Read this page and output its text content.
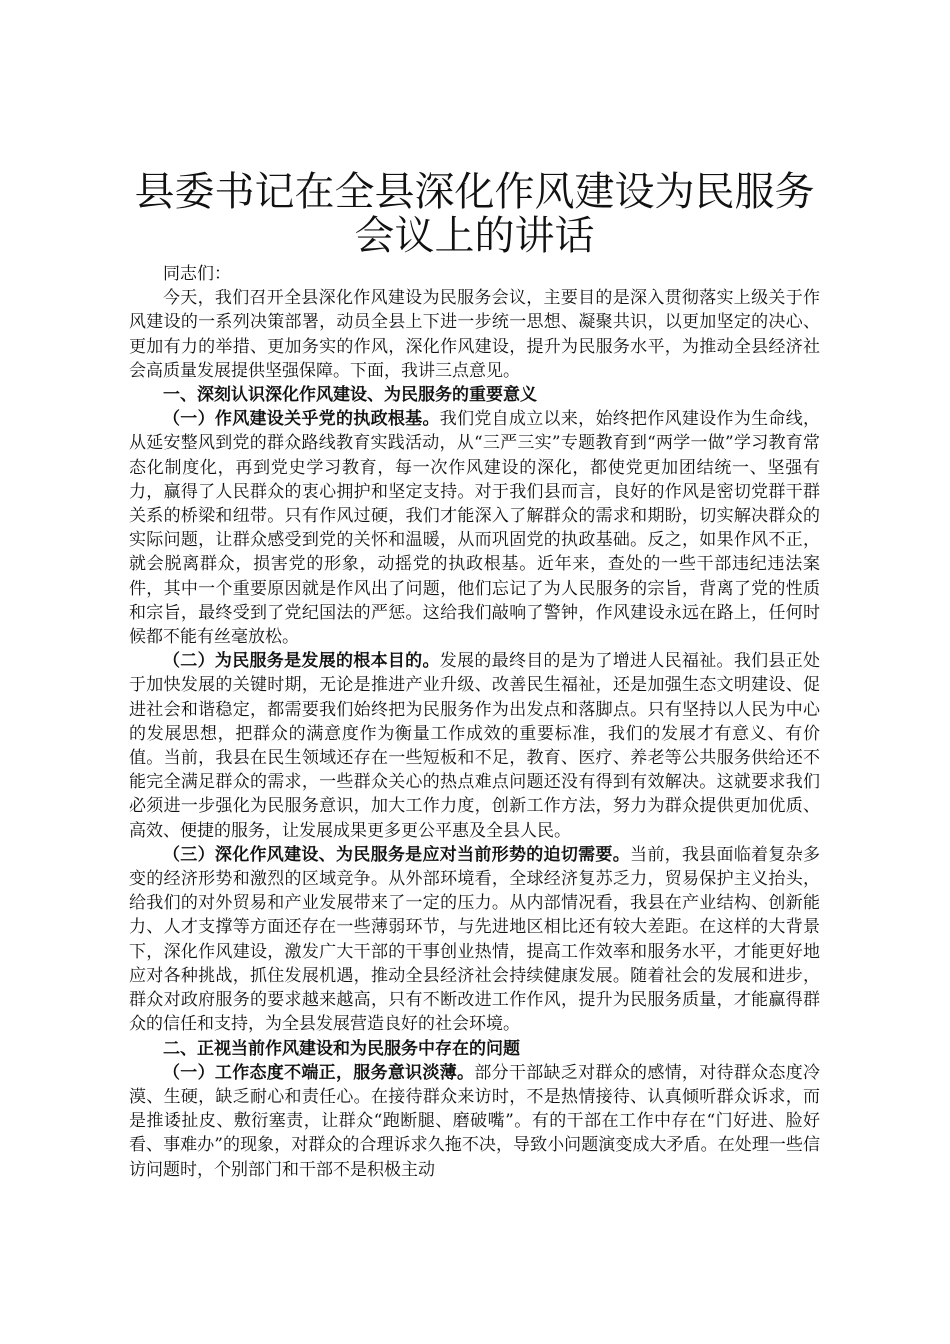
县委书记在全县深化作风建设为民服务会议上的讲话

同志们：

今天，我们召开全县深化作风建设为民服务会议，主要目的是深入贯彻落实上级关于作风建设的一系列决策部署，动员全县上下进一步统一思想、凝聚共识，以更加坚定的决心、更加有力的举措、更加务实的作风，深化作风建设，提升为民服务水平，为推动全县经济社会高质量发展提供坚强保障。下面，我讲三点意见。

一、深刻认识深化作风建设、为民服务的重要意义

（一）作风建设关乎党的执政根基。我们党自成立以来，始终把作风建设作为生命线，从延安整风到党的群众路线教育实践活动，从“三严三实”专题教育到“两学一做”学习教育常态化制度化，再到党史学习教育，每一次作风建设的深化，都使党更加团结统一、坚强有力，赢得了人民群众的衷心拥护和坚定支持。对于我们县而言，良好的作风是密切党群干群关系的桥梁和纽带。只有作风过硬，我们才能深入了解群众的需求和期盼，切实解决群众的实际问题，让群众感受到党的关怀和温暖，从而巩固党的执政基础。反之，如果作风不正，就会脱离群众，损害党的形象，动摇党的执政根基。近年来，查处的一些干部违纪违法案件，其中一个重要原因就是作风出了问题，他们忘记了为人民服务的宗旨，背离了党的性质和宗旨，最终受到了党纪国法的严惩。这给我们敲响了警钟，作风建设永远在路上，任何时候都不能有丝毫放松。

（二）为民服务是发展的根本目的。发展的最终目的是为了增进人民福祉。我们县正处于加快发展的关键时期，无论是推进产业升级、改善民生福祉，还是加强生态文明建设、促进社会和谐稳定，都需要我们始终把为民服务作为出发点和落脚点。只有坚持以人民为中心的发展思想，把群众的满意度作为衡量工作成效的重要标准，我们的发展才有意义、有价值。当前，我县在民生领域还存在一些短板和不足，教育、医疗、养老等公共服务供给还不能完全满足群众的需求，一些群众关心的热点难点问题还没有得到有效解决。这就要求我们必须进一步强化为民服务意识，加大工作力度，创新工作方法，努力为群众提供更加优质、高效、便捷的服务，让发展成果更多更公平惠及全县人民。

（三）深化作风建设、为民服务是应对当前形势的迫切需要。当前，我县面临着复杂多变的经济形势和激烈的区域竞争。从外部环境看，全球经济复苏乏力，贸易保护主义抬头，给我们的对外贸易和产业发展带来了一定的压力。从内部情况看，我县在产业结构、创新能力、人才支撑等方面还存在一些薄弱环节，与先进地区相比还有较大差距。在这样的大背景下，深化作风建设，激发广大干部的干事创业热情，提高工作效率和服务水平，才能更好地应对各种挑战，抓住发展机遇，推动全县经济社会持续健康发展。随着社会的发展和进步，群众对政府服务的要求越来越高，只有不断改进工作作风，提升为民服务质量，才能赢得群众的信任和支持，为全县发展营造良好的社会环境。

二、正视当前作风建设和为民服务中存在的问题

（一）工作态度不端正，服务意识淡薄。部分干部缺乏对群众的感情，对待群众态度冷漠、生硬，缺乏耐心和责任心。在接待群众来访时，不是热情接待、认真倾听群众诉求，而是推诿扯皮、敷衍塞责，让群众“跑断腿、磨破嘴”。有的干部在工作中存在“门好进、脸好看、事难办”的现象，对群众的合理诉求久拖不决，导致小问题演变成大矛盾。在处理一些信访问题时，个别部门和干部不是积极主动
